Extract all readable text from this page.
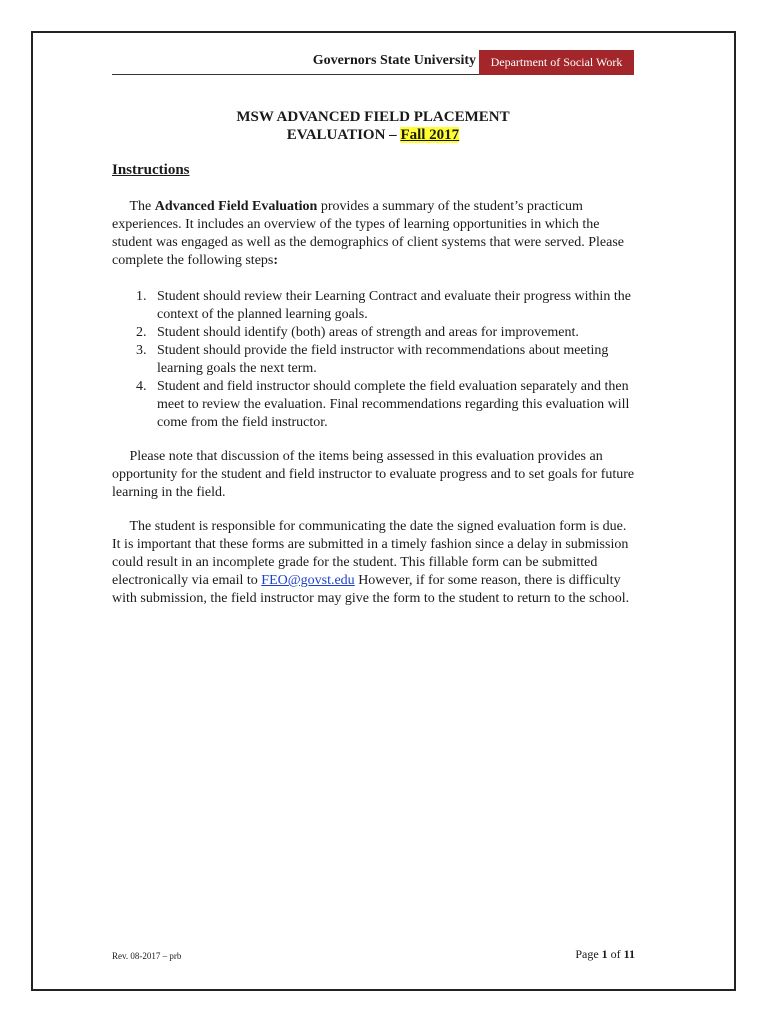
Governors State University	Department of Social Work
MSW ADVANCED FIELD PLACEMENT
EVALUATION – Fall 2017
Instructions

  The Advanced Field Evaluation provides a summary of the student’s practicum experiences. It includes an overview of the types of learning opportunities in which the student was engaged as well as the demographics of client systems that were served. Please complete the following steps:

1. Student should review their Learning Contract and evaluate their progress within the context of the planned learning goals.
2. Student should identify (both) areas of strength and areas for improvement.
3. Student should provide the field instructor with recommendations about meeting learning goals the next term.
4. Student and field instructor should complete the field evaluation separately and then meet to review the evaluation. Final recommendations regarding this evaluation will come from the field instructor.

  Please note that discussion of the items being assessed in this evaluation provides an opportunity for the student and field instructor to evaluate progress and to set goals for future learning in the field.

  The student is responsible for communicating the date the signed evaluation form is due. It is important that these forms are submitted in a timely fashion since a delay in submission could result in an incomplete grade for the student. This fillable form can be submitted electronically via email to FEO@govst.edu However, if for some reason, there is difficulty with submission, the field instructor may give the form to the student to return to the school.

Rev. 08-2017 – prb	Page 1 of 11
